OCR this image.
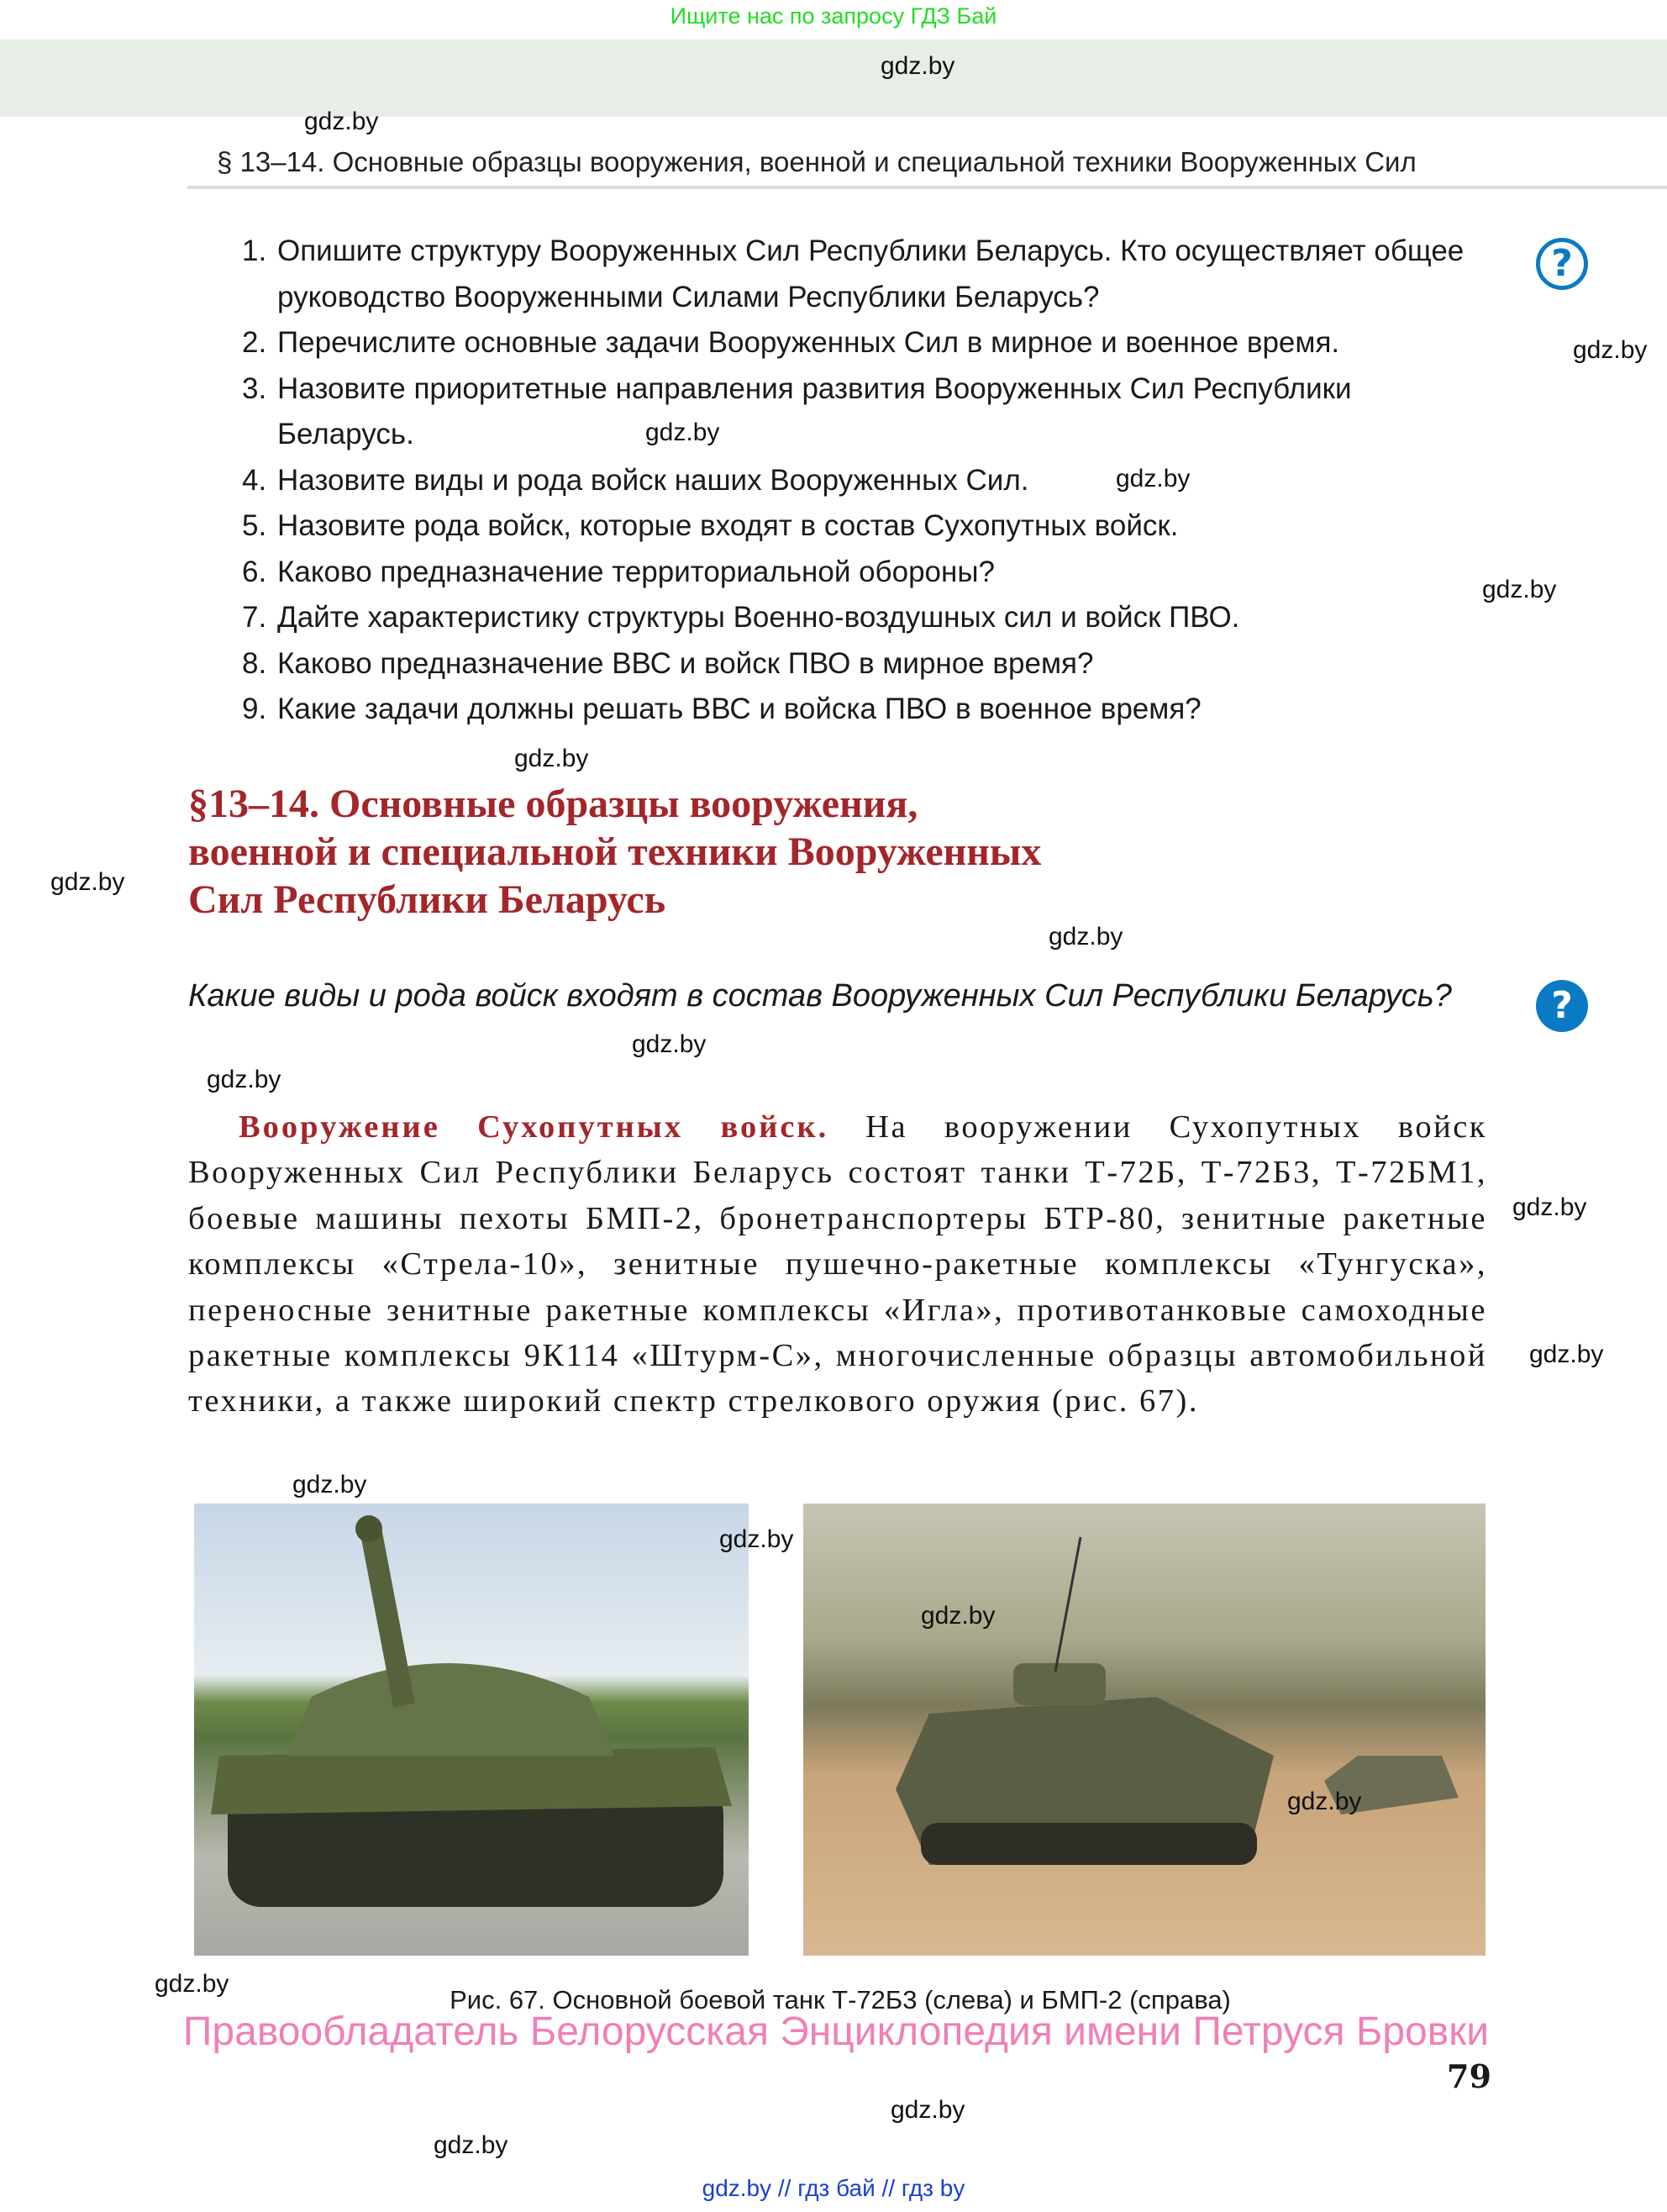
Ищите нас по запросу ГДЗ Бай
gdz.by
gdz.by
§ 13–14. Основные образцы вооружения, военной и специальной техники Вооруженных Сил
1. Опишите структуру Вооруженных Сил Республики Беларусь. Кто осуществляет общее руководство Вооруженными Силами Республики Беларусь?
2. Перечислите основные задачи Вооруженных Сил в мирное и военное время.
3. Назовите приоритетные направления развития Вооруженных Сил Республики Беларусь.
4. Назовите виды и рода войск наших Вооруженных Сил.
5. Назовите рода войск, которые входят в состав Сухопутных войск.
6. Каково предназначение территориальной обороны?
7. Дайте характеристику структуры Военно-воздушных сил и войск ПВО.
8. Каково предназначение ВВС и войск ПВО в мирное время?
9. Какие задачи должны решать ВВС и войска ПВО в военное время?
?
gdz.by
gdz.by
gdz.by
gdz.by
gdz.by
gdz.by
gdz.by
§13–14. Основные образцы вооружения,
военной и специальной техники Вооруженных
Сил Республики Беларусь
Какие виды и рода войск входят в состав Вооруженных Сил Республики Беларусь?	?
gdz.by
gdz.by
Вооружение Сухопутных войск. На вооружении Сухопутных войск Вооруженных Сил Республики Беларусь состоят танки Т-72Б, Т-72Б3, Т-72БМ1, боевые машины пехоты БМП-2, бронетранспортеры БТР-80, зенитные ракетные комплексы «Стрела-10», зенитные пушечно-ракетные комплексы «Тунгуска», переносные зенитные ракетные комплексы «Игла», противотанковые самоходные ракетные комплексы 9К114 «Штурм-С», многочисленные образцы автомобильной техники, а также широкий спектр стрелкового оружия (рис. 67).
gdz.by
gdz.by
gdz.by
gdz.by
gdz.by
gdz.by
gdz.by
Рис. 67. Основной боевой танк Т-72Б3 (слева) и БМП-2 (справа)
Правообладатель Белорусская Энциклопедия имени Петруся Бровки
79
gdz.by
gdz.by
gdz.by // гдз бай // гдз by
